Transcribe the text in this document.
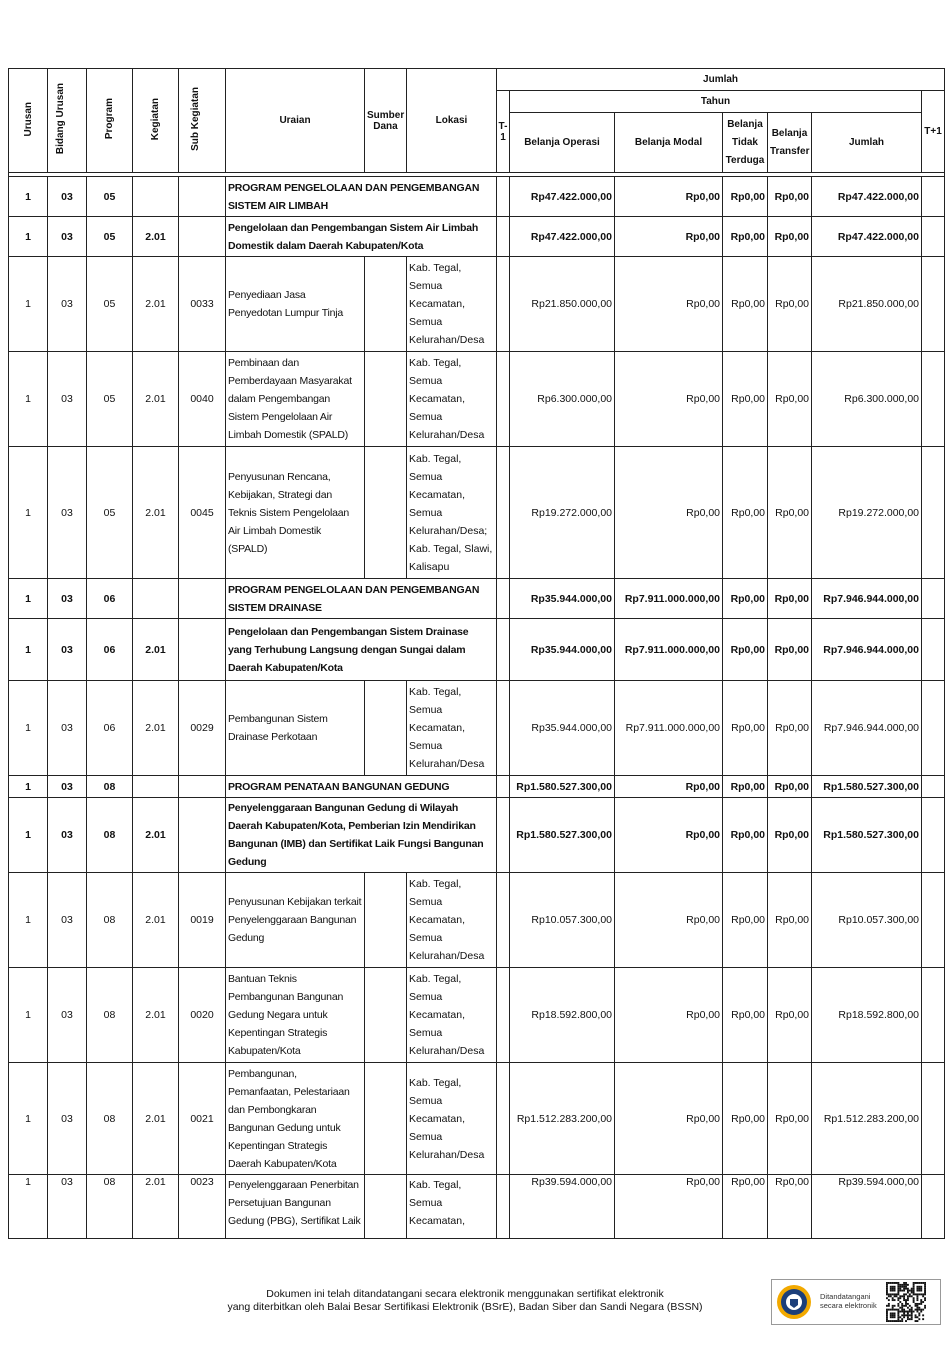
Urusan	Bidang Urusan	Program	Kegiatan	Sub Kegiatan	Uraian	Sumber Dana	Lokasi	Jumlah						
								T-1	Tahun					T+1
									Belanja Operasi	Belanja Modal	Belanja Tidak Terduga	Belanja Transfer	Jumlah	

1	03	05			PROGRAM PENGELOLAAN DAN PENGEMBANGAN SISTEM AIR LIMBAH				Rp47.422.000,00	Rp0,00	Rp0,00	Rp0,00	Rp47.422.000,00	
1	03	05	2.01		Pengelolaan dan Pengembangan Sistem Air Limbah Domestik dalam Daerah Kabupaten/Kota				Rp47.422.000,00	Rp0,00	Rp0,00	Rp0,00	Rp47.422.000,00	
1	03	05	2.01	0033	Penyediaan Jasa Penyedotan Lumpur Tinja		Kab. Tegal, Semua Kecamatan, Semua Kelurahan/Desa		Rp21.850.000,00	Rp0,00	Rp0,00	Rp0,00	Rp21.850.000,00	
1	03	05	2.01	0040	Pembinaan dan Pemberdayaan Masyarakat dalam Pengembangan Sistem Pengelolaan Air Limbah Domestik (SPALD)		Kab. Tegal, Semua Kecamatan, Semua Kelurahan/Desa		Rp6.300.000,00	Rp0,00	Rp0,00	Rp0,00	Rp6.300.000,00	
1	03	05	2.01	0045	Penyusunan Rencana, Kebijakan, Strategi dan Teknis Sistem Pengelolaan Air Limbah Domestik (SPALD)		Kab. Tegal, Semua Kecamatan, Semua Kelurahan/Desa; Kab. Tegal, Slawi, Kalisapu		Rp19.272.000,00	Rp0,00	Rp0,00	Rp0,00	Rp19.272.000,00	
1	03	06			PROGRAM PENGELOLAAN DAN PENGEMBANGAN SISTEM DRAINASE				Rp35.944.000,00	Rp7.911.000.000,00	Rp0,00	Rp0,00	Rp7.946.944.000,00	
1	03	06	2.01		Pengelolaan dan Pengembangan Sistem Drainase yang Terhubung Langsung dengan Sungai dalam Daerah Kabupaten/Kota				Rp35.944.000,00	Rp7.911.000.000,00	Rp0,00	Rp0,00	Rp7.946.944.000,00	
1	03	06	2.01	0029	Pembangunan Sistem Drainase Perkotaan		Kab. Tegal, Semua Kecamatan, Semua Kelurahan/Desa		Rp35.944.000,00	Rp7.911.000.000,00	Rp0,00	Rp0,00	Rp7.946.944.000,00	
1	03	08			PROGRAM PENATAAN BANGUNAN GEDUNG				Rp1.580.527.300,00	Rp0,00	Rp0,00	Rp0,00	Rp1.580.527.300,00	
1	03	08	2.01		Penyelenggaraan Bangunan Gedung di Wilayah Daerah Kabupaten/Kota, Pemberian Izin Mendirikan Bangunan (IMB) dan Sertifikat Laik Fungsi Bangunan Gedung				Rp1.580.527.300,00	Rp0,00	Rp0,00	Rp0,00	Rp1.580.527.300,00	
1	03	08	2.01	0019	Penyusunan Kebijakan terkait Penyelenggaraan Bangunan Gedung		Kab. Tegal, Semua Kecamatan, Semua Kelurahan/Desa		Rp10.057.300,00	Rp0,00	Rp0,00	Rp0,00	Rp10.057.300,00	
1	03	08	2.01	0020	Bantuan Teknis Pembangunan Bangunan Gedung Negara untuk Kepentingan Strategis Kabupaten/Kota		Kab. Tegal, Semua Kecamatan, Semua Kelurahan/Desa		Rp18.592.800,00	Rp0,00	Rp0,00	Rp0,00	Rp18.592.800,00	
1	03	08	2.01	0021	Pembangunan, Pemanfaatan, Pelestariaan dan Pembongkaran Bangunan Gedung untuk Kepentingan Strategis Daerah Kabupaten/Kota		Kab. Tegal, Semua Kecamatan, Semua Kelurahan/Desa		Rp1.512.283.200,00	Rp0,00	Rp0,00	Rp0,00	Rp1.512.283.200,00	
1	03	08	2.01	0023	Penyelenggaraan Penerbitan Persetujuan Bangunan Gedung (PBG), Sertifikat Laik		Kab. Tegal, Semua Kecamatan,		Rp39.594.000,00	Rp0,00	Rp0,00	Rp0,00	Rp39.594.000,00	
Dokumen ini telah ditandatangani secara elektronik menggunakan sertifikat elektronik
yang diterbitkan oleh Balai Besar Sertifikasi Elektronik (BSrE), Badan Siber dan Sandi Negara (BSSN)
Ditandatangani
secara elektronik
